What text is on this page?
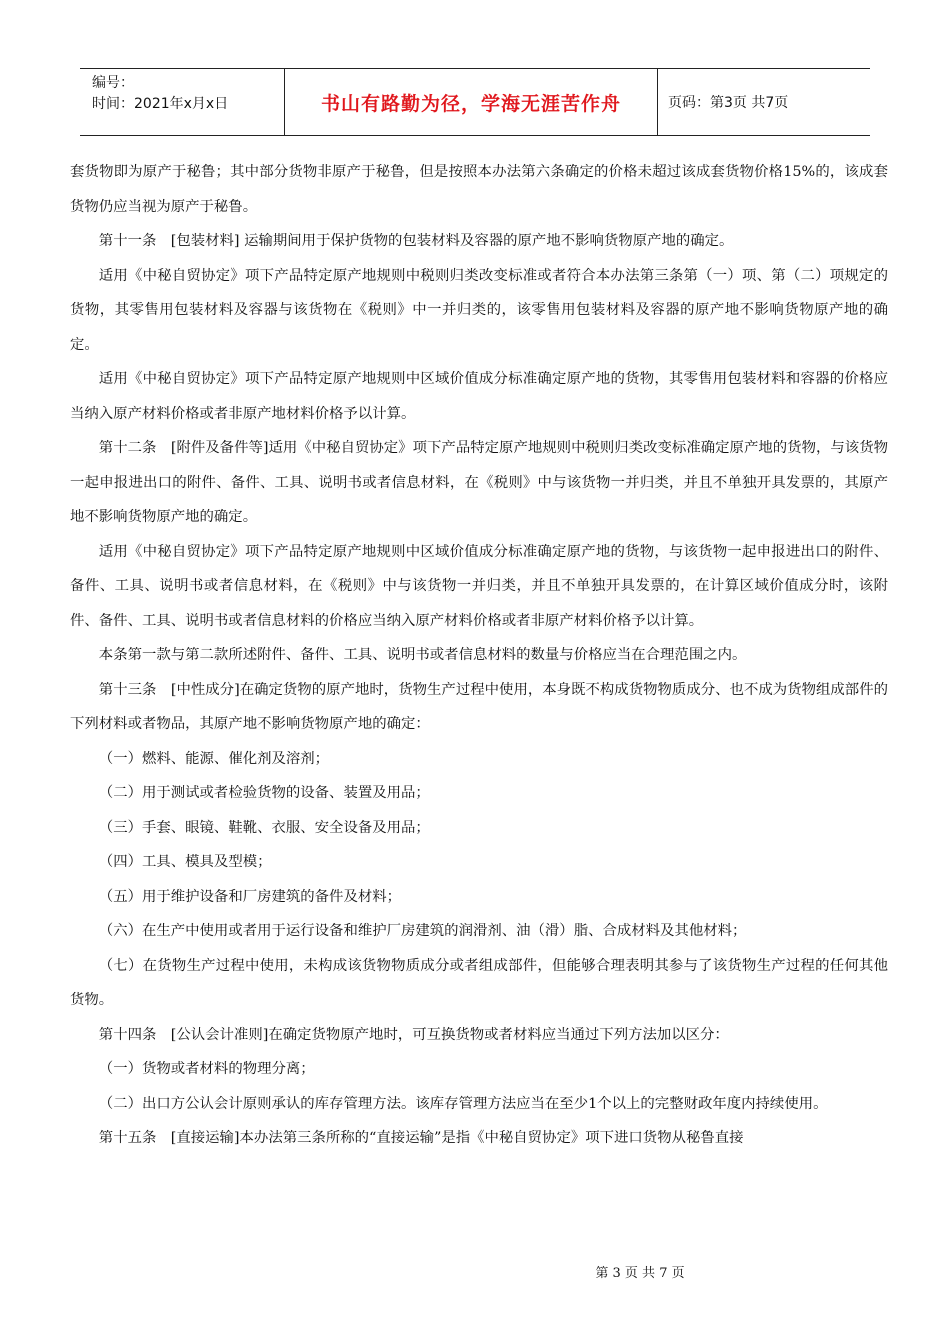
编号：
时间：2021年x月x日	书山有路勤为径，学海无涯苦作舟	页码：第3页 共7页

套货物即为原产于秘鲁；其中部分货物非原产于秘鲁，但是按照本办法第六条确定的价格未超过该成套货物价格15%的，该成套货物仍应当视为原产于秘鲁。

第十一条　[包装材料] 运输期间用于保护货物的包装材料及容器的原产地不影响货物原产地的确定。

适用《中秘自贸协定》项下产品特定原产地规则中税则归类改变标准或者符合本办法第三条第（一）项、第（二）项规定的货物，其零售用包装材料及容器与该货物在《税则》中一并归类的，该零售用包装材料及容器的原产地不影响货物原产地的确定。

适用《中秘自贸协定》项下产品特定原产地规则中区域价值成分标准确定原产地的货物，其零售用包装材料和容器的价格应当纳入原产材料价格或者非原产地材料价格予以计算。

第十二条　[附件及备件等]适用《中秘自贸协定》项下产品特定原产地规则中税则归类改变标准确定原产地的货物，与该货物一起申报进出口的附件、备件、工具、说明书或者信息材料，在《税则》中与该货物一并归类，并且不单独开具发票的，其原产地不影响货物原产地的确定。

适用《中秘自贸协定》项下产品特定原产地规则中区域价值成分标准确定原产地的货物，与该货物一起申报进出口的附件、备件、工具、说明书或者信息材料，在《税则》中与该货物一并归类，并且不单独开具发票的，在计算区域价值成分时，该附件、备件、工具、说明书或者信息材料的价格应当纳入原产材料价格或者非原产材料价格予以计算。

本条第一款与第二款所述附件、备件、工具、说明书或者信息材料的数量与价格应当在合理范围之内。

第十三条　[中性成分]在确定货物的原产地时，货物生产过程中使用，本身既不构成货物物质成分、也不成为货物组成部件的下列材料或者物品，其原产地不影响货物原产地的确定：

（一）燃料、能源、催化剂及溶剂；

（二）用于测试或者检验货物的设备、装置及用品；

（三）手套、眼镜、鞋靴、衣服、安全设备及用品；

（四）工具、模具及型模；

（五）用于维护设备和厂房建筑的备件及材料；

（六）在生产中使用或者用于运行设备和维护厂房建筑的润滑剂、油（滑）脂、合成材料及其他材料；

（七）在货物生产过程中使用，未构成该货物物质成分或者组成部件，但能够合理表明其参与了该货物生产过程的任何其他货物。

第十四条　[公认会计准则]在确定货物原产地时，可互换货物或者材料应当通过下列方法加以区分：

（一）货物或者材料的物理分离；

（二）出口方公认会计原则承认的库存管理方法。该库存管理方法应当在至少1个以上的完整财政年度内持续使用。

第十五条　[直接运输]本办法第三条所称的“直接运输”是指《中秘自贸协定》项下进口货物从秘鲁直接

第 3 页 共 7 页
